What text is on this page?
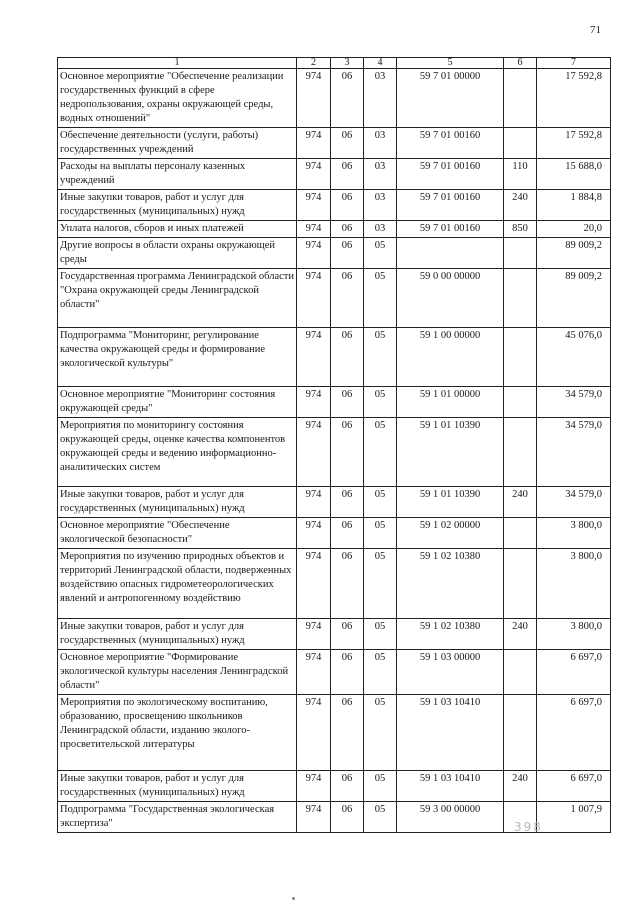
71
1	2	3	4	5	6	7
Основное мероприятие "Обеспечение реализации государственных функций в сфере недропользования, охраны окружающей среды, водных отношений"	974	06	03	59 7 01 00000		17 592,8
Обеспечение деятельности (услуги, работы) государственных учреждений	974	06	03	59 7 01 00160		17 592,8
Расходы на выплаты персоналу казенных учреждений	974	06	03	59 7 01 00160	110	15 688,0
Иные закупки товаров, работ и услуг для государственных (муниципальных) нужд	974	06	03	59 7 01 00160	240	1 884,8
Уплата налогов, сборов и иных платежей	974	06	03	59 7 01 00160	850	20,0
Другие вопросы в области охраны окружающей среды	974	06	05			89 009,2
Государственная программа Ленинградской области "Охрана окружающей среды Ленинградской области"	974	06	05	59 0 00 00000		89 009,2
Подпрограмма "Мониторинг, регулирование качества окружающей среды и формирование экологической культуры"	974	06	05	59 1 00 00000		45 076,0
Основное мероприятие "Мониторинг состояния окружающей среды"	974	06	05	59 1 01 00000		34 579,0
Мероприятия по мониторингу состояния окружающей среды, оценке качества компонентов окружающей среды и ведению информационно-аналитических систем	974	06	05	59 1 01 10390		34 579,0
Иные закупки товаров, работ и услуг для государственных (муниципальных) нужд	974	06	05	59 1 01 10390	240	34 579,0
Основное мероприятие "Обеспечение экологической безопасности"	974	06	05	59 1 02 00000		3 800,0
Мероприятия по изучению природных объектов и территорий Ленинградской области, подверженных воздействию опасных гидрометеорологических явлений и антропогенному воздействию	974	06	05	59 1 02 10380		3 800,0
Иные закупки товаров, работ и услуг для государственных (муниципальных) нужд	974	06	05	59 1 02 10380	240	3 800,0
Основное мероприятие "Формирование экологической культуры населения Ленинградской области"	974	06	05	59 1 03 00000		6 697,0
Мероприятия по экологическому воспитанию, образованию, просвещению школьников Ленинградской области, изданию эколого-просветительской литературы	974	06	05	59 1 03 10410		6 697,0
Иные закупки товаров, работ и услуг для государственных (муниципальных) нужд	974	06	05	59 1 03 10410	240	6 697,0
Подпрограмма "Государственная экологическая экспертиза"	974	06	05	59 3 00 00000		1 007,9
398
